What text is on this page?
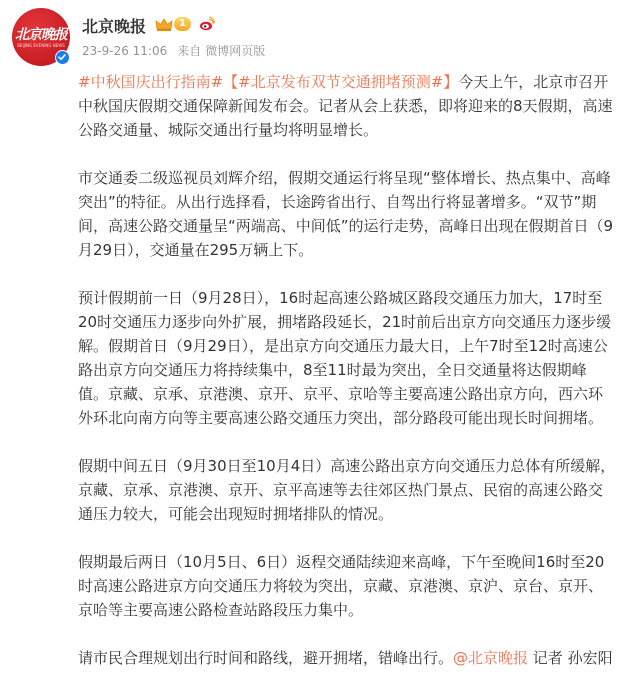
北京晚报
BEIJING EVENING NEWS
北京晚报	1
23-9-26 11:06 来自 微博网页版

#中秋国庆出行指南#【#北京发布双节交通拥堵预测#】今天上午，北京市召开中秋国庆假期交通保障新闻发布会。记者从会上获悉，即将迎来的8天假期，高速公路交通量、城际交通出行量均将明显增长。

市交通委二级巡视员刘辉介绍，假期交通运行将呈现“整体增长、热点集中、高峰突出”的特征。从出行选择看，长途跨省出行、自驾出行将显著增多。“双节”期间，高速公路交通量呈“两端高、中间低”的运行走势，高峰日出现在假期首日（9月29日），交通量在295万辆上下。

预计假期前一日（9月28日），16时起高速公路城区路段交通压力加大，17时至20时交通压力逐步向外扩展，拥堵路段延长，21时前后出京方向交通压力逐步缓解。假期首日（9月29日），是出京方向交通压力最大日，上午7时至12时高速公路出京方向交通压力将持续集中，8至11时最为突出，全日交通量将达假期峰值。京藏、京承、京港澳、京开、京平、京哈等主要高速公路出京方向，西六环外环北向南方向等主要高速公路交通压力突出，部分路段可能出现长时间拥堵。

假期中间五日（9月30日至10月4日）高速公路出京方向交通压力总体有所缓解，京藏、京承、京港澳、京开、京平高速等去往郊区热门景点、民宿的高速公路交通压力较大，可能会出现短时拥堵排队的情况。

假期最后两日（10月5日、6日）返程交通陆续迎来高峰，下午至晚间16时至20时高速公路进京方向交通压力将较为突出，京藏、京港澳、京沪、京台、京开、京哈等主要高速公路检查站路段压力集中。

请市民合理规划出行时间和路线，避开拥堵，错峰出行。@北京晚报 记者 孙宏阳
